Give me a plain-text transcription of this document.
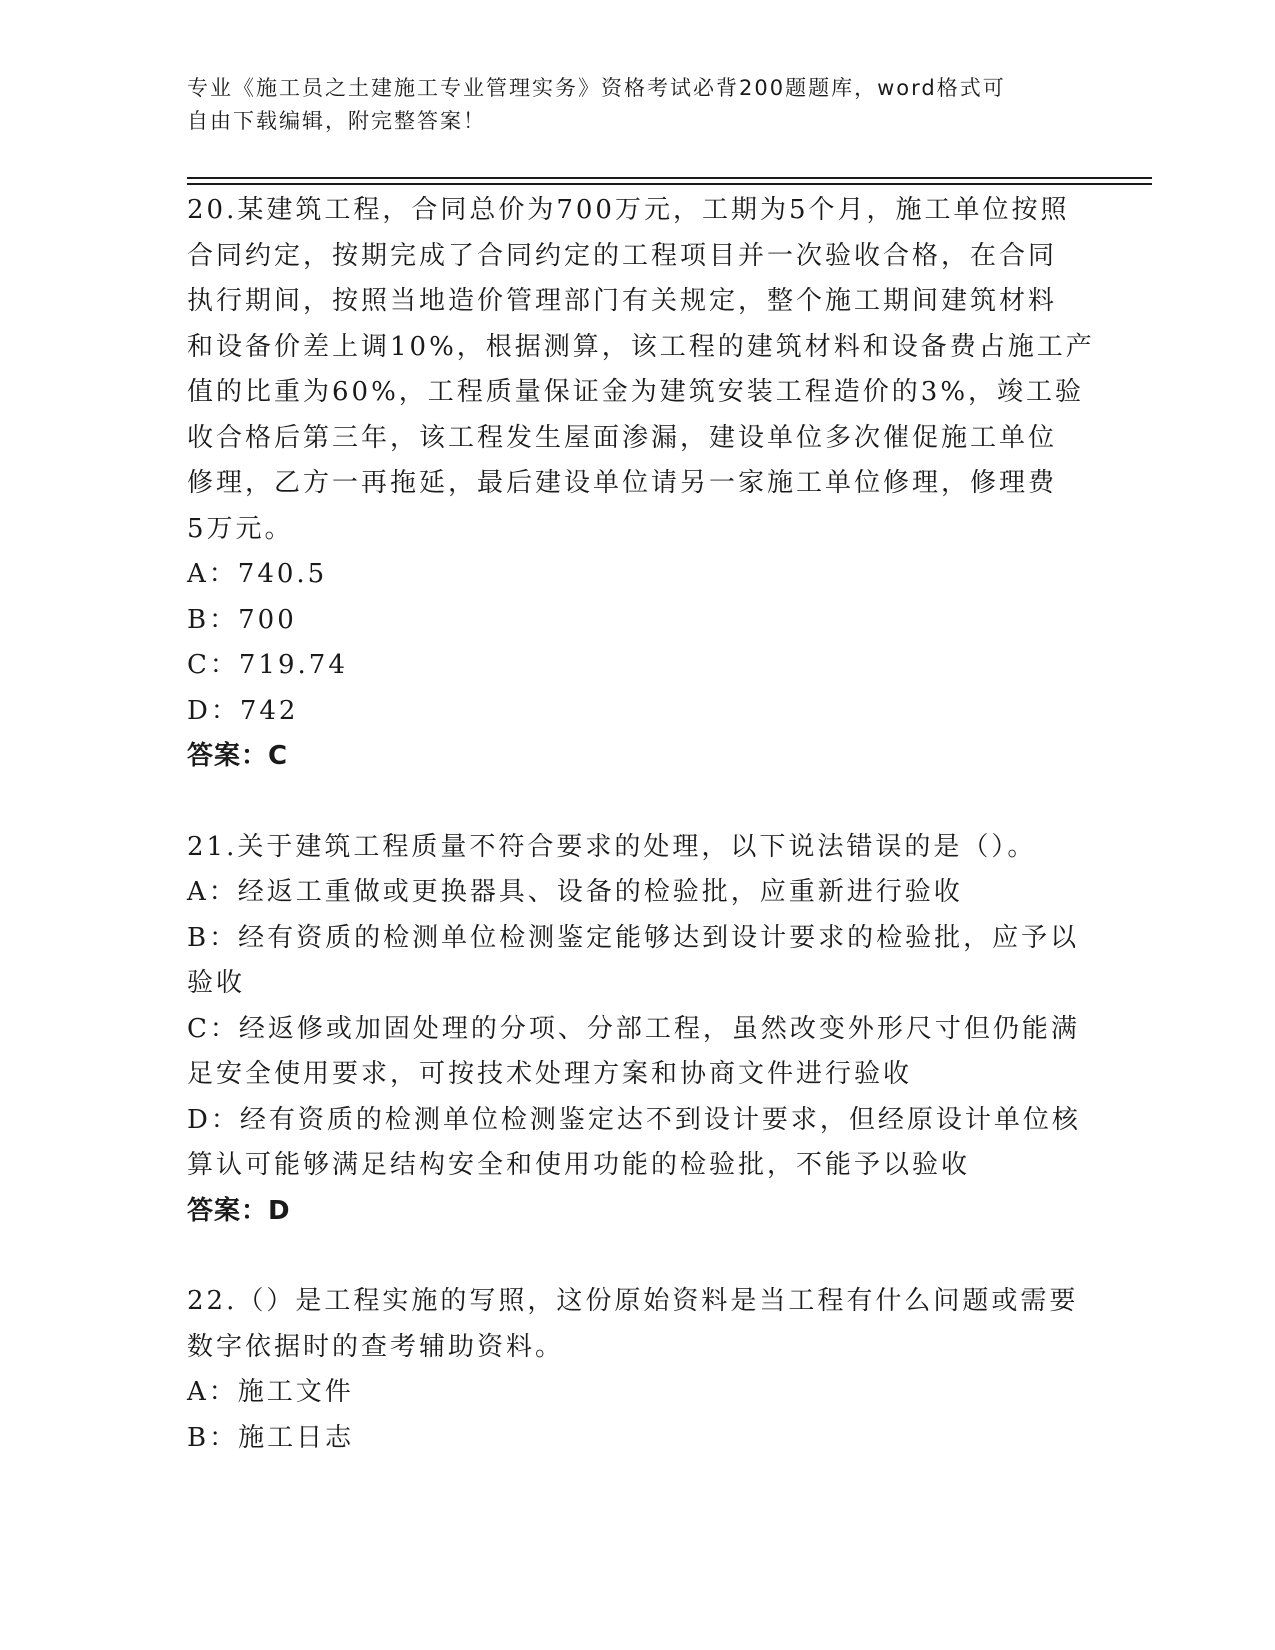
专业《施工员之土建施工专业管理实务》资格考试必背200题题库，word格式可
自由下载编辑，附完整答案！
20.某建筑工程，合同总价为700万元，工期为5个月，施工单位按照
合同约定，按期完成了合同约定的工程项目并一次验收合格，在合同
执行期间，按照当地造价管理部门有关规定，整个施工期间建筑材料
和设备价差上调10%，根据测算，该工程的建筑材料和设备费占施工产
值的比重为60%，工程质量保证金为建筑安装工程造价的3%，竣工验
收合格后第三年，该工程发生屋面渗漏，建设单位多次催促施工单位
修理，乙方一再拖延，最后建设单位请另一家施工单位修理，修理费
5万元。
A：740.5
B：700
C：719.74
D：742
答案：C
21.关于建筑工程质量不符合要求的处理，以下说法错误的是（）。
A：经返工重做或更换器具、设备的检验批，应重新进行验收
B：经有资质的检测单位检测鉴定能够达到设计要求的检验批，应予以
验收
C：经返修或加固处理的分项、分部工程，虽然改变外形尺寸但仍能满
足安全使用要求，可按技术处理方案和协商文件进行验收
D：经有资质的检测单位检测鉴定达不到设计要求，但经原设计单位核
算认可能够满足结构安全和使用功能的检验批，不能予以验收
答案：D
22.（）是工程实施的写照，这份原始资料是当工程有什么问题或需要
数字依据时的查考辅助资料。
A：施工文件
B：施工日志
